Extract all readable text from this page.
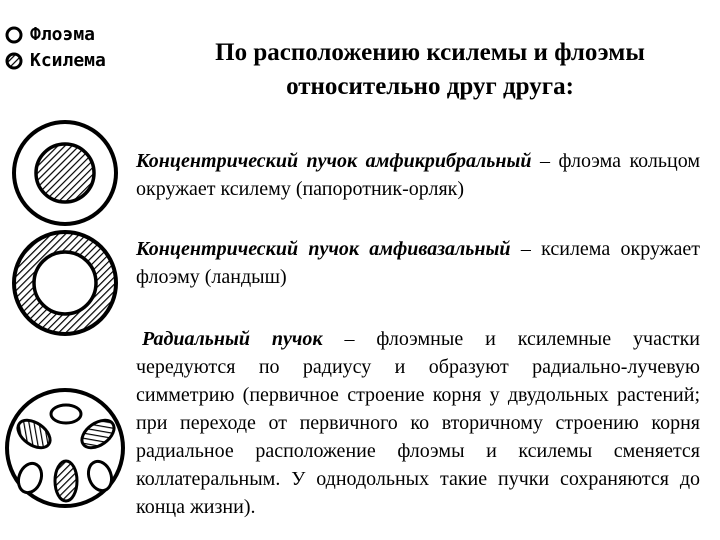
Флоэма
Ксилема	По расположению ксилемы и флоэмы
относительно друг друга:
Концентрический пучок амфикрибральный – флоэма кольцом окружает ксилему (папоротник-орляк)
Концентрический пучок амфивазальный – ксилема окружает флоэму (ландыш)
Радиальный пучок – флоэмные и ксилемные участки чередуются по радиусу и образуют радиально-лучевую симметрию (первичное строение корня у двудольных растений; при переходе от первичного ко вторичному строению корня радиальное расположение флоэмы и ксилемы сменяется коллатеральным. У однодольных такие пучки сохраняются до конца жизни).
